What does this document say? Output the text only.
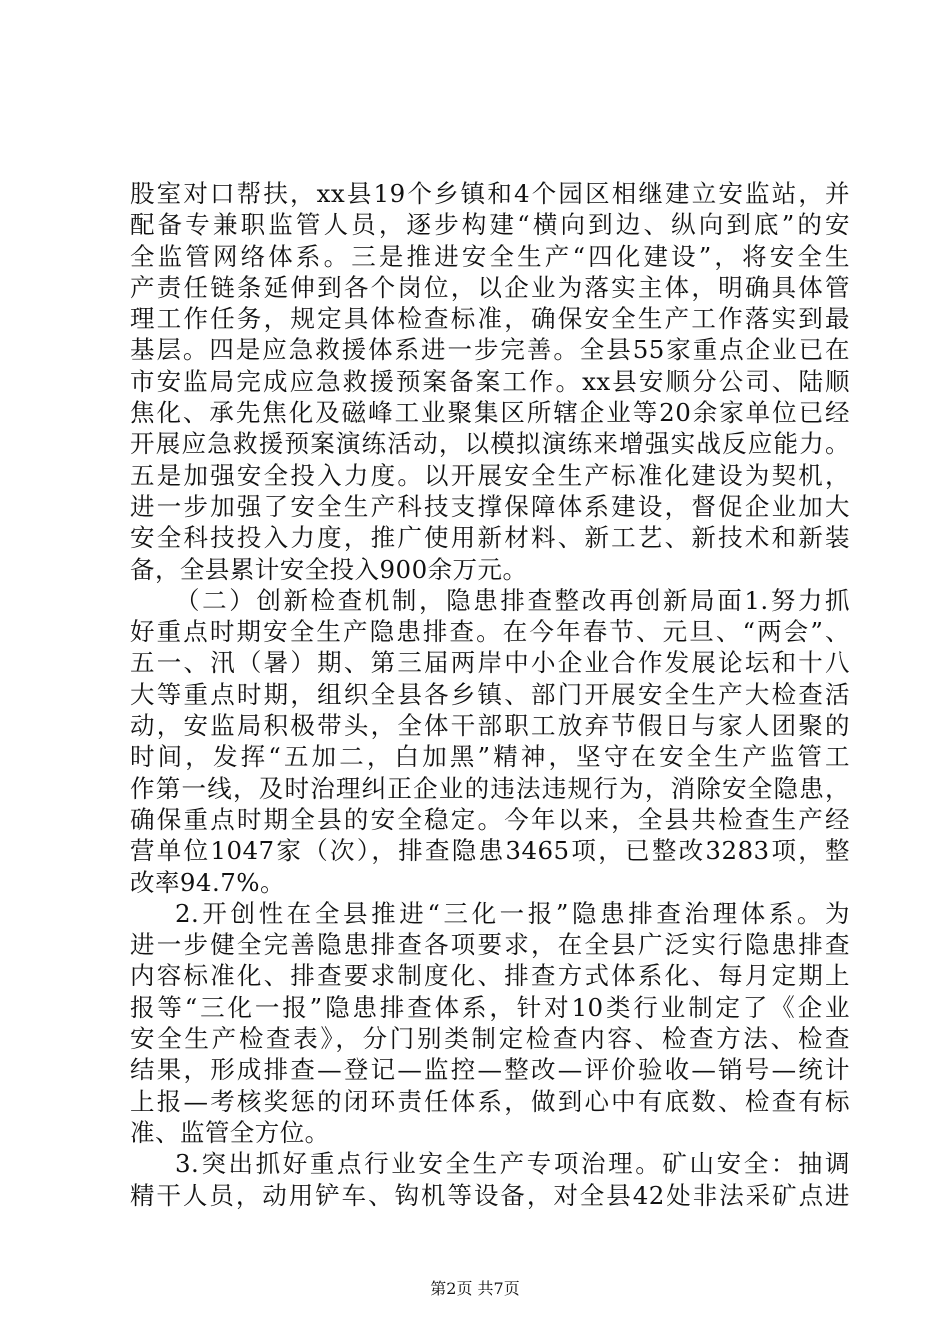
股室对口帮扶，xx县19个乡镇和4个园区相继建立安监站，并
配备专兼职监管人员，逐步构建“横向到边、纵向到底”的安
全监管网络体系。三是推进安全生产“四化建设”，将安全生
产责任链条延伸到各个岗位，以企业为落实主体，明确具体管
理工作任务，规定具体检查标准，确保安全生产工作落实到最
基层。四是应急救援体系进一步完善。全县55家重点企业已在
市安监局完成应急救援预案备案工作。xx县安顺分公司、陆顺
焦化、承先焦化及磁峰工业聚集区所辖企业等20余家单位已经
开展应急救援预案演练活动，以模拟演练来增强实战反应能力。
五是加强安全投入力度。以开展安全生产标准化建设为契机，
进一步加强了安全生产科技支撑保障体系建设，督促企业加大
安全科技投入力度，推广使用新材料、新工艺、新技术和新装
备，全县累计安全投入900余万元。
（二）创新检查机制，隐患排查整改再创新局面1.努力抓
好重点时期安全生产隐患排查。在今年春节、元旦、“两会”、
五一、汛（暑）期、第三届两岸中小企业合作发展论坛和十八
大等重点时期，组织全县各乡镇、部门开展安全生产大检查活
动，安监局积极带头，全体干部职工放弃节假日与家人团聚的
时间，发挥“五加二，白加黑”精神，坚守在安全生产监管工
作第一线，及时治理纠正企业的违法违规行为，消除安全隐患，
确保重点时期全县的安全稳定。今年以来，全县共检查生产经
营单位1047家（次），排查隐患3465项，已整改3283项，整
改率94.7%。
2.开创性在全县推进“三化一报”隐患排查治理体系。为
进一步健全完善隐患排查各项要求，在全县广泛实行隐患排查
内容标准化、排查要求制度化、排查方式体系化、每月定期上
报等“三化一报”隐患排查体系，针对10类行业制定了《企业
安全生产检查表》，分门别类制定检查内容、检查方法、检查
结果，形成排查—登记—监控—整改—评价验收—销号—统计
上报—考核奖惩的闭环责任体系，做到心中有底数、检查有标
准、监管全方位。
3.突出抓好重点行业安全生产专项治理。矿山安全：抽调
精干人员，动用铲车、钩机等设备，对全县42处非法采矿点进
第2页 共7页
